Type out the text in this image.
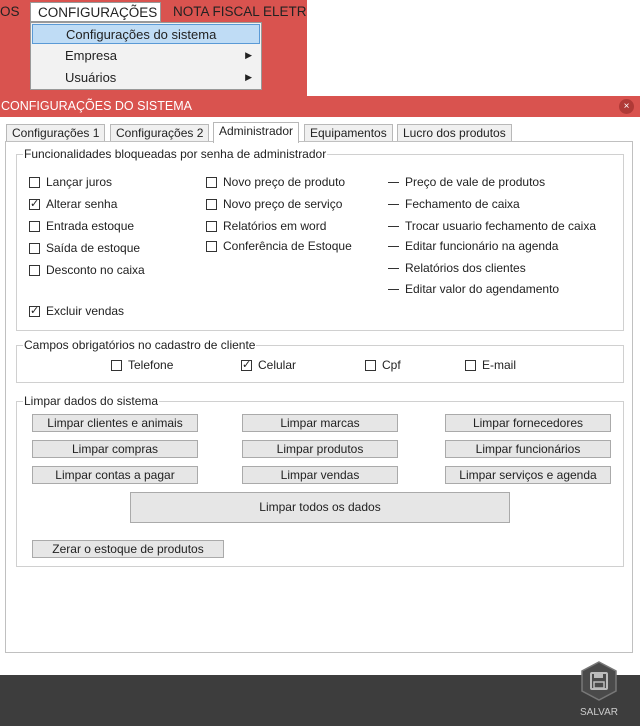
OS	CONFIGURAÇÕES NOTA FISCAL ELETR
Configurações do sistema
Empresa	▶
Usuários	▶
CONFIGURAÇÕES DO SISTEMA	×
Configurações 1	Configurações 2	Administrador	Equipamentos	Lucro dos produtos
Funcionalidades bloqueadas por senha de administrador
Lançar juros
✓
Alterar senha
Entrada estoque
Saída de estoque
Desconto no caixa
✓
Excluir vendas
Novo preço de produto
Novo preço de serviço
Relatórios em word
Conferência de Estoque
Preço de vale de produtos
Fechamento de caixa
Trocar usuario fechamento de caixa
Editar funcionário na agenda
Relatórios dos clientes
Editar valor do agendamento
Campos obrigatórios no cadastro de cliente
Telefone
✓	Celular	Cpf	E-mail
Limpar dados do sistema
Limpar clientes e animais	Limpar marcas	Limpar fornecedores
Limpar compras	Limpar produtos	Limpar funcionários
Limpar contas a pagar	Limpar vendas	Limpar serviços e agenda
Limpar todos os dados
Zerar o estoque de produtos
SALVAR
